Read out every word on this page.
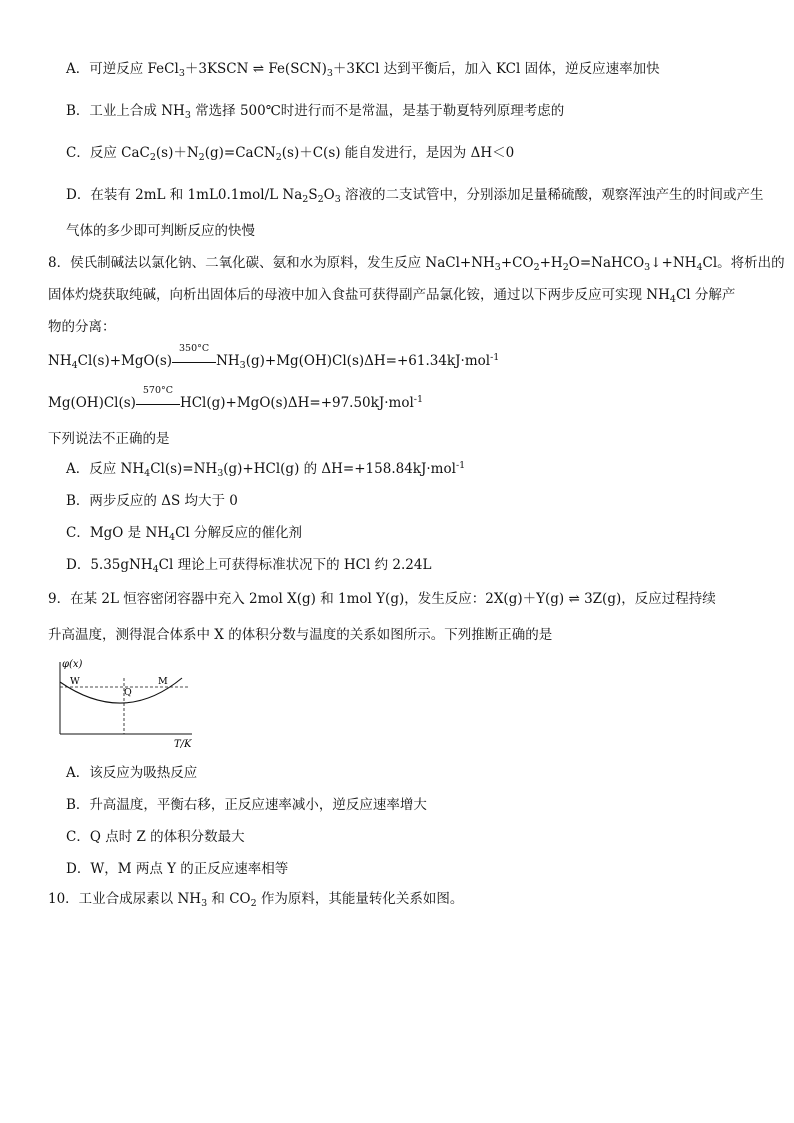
A．可逆反应 FeCl$_3$＋3KSCN ⇌ $Fe(SCN)_3+3KCl$ 达到平衡后，加入 KCl 固体，逆反应速率加快
B．工业上合成 $NH_3$ 常选择 500℃时进行而不是常温，是基于勒夏特列原理考虑的
C．反应 $CaC_2(s)+N_2(g)=CaCN_2(s)+C(s)$ 能自发进行，是因为 ΔH＜0
D．在装有 2mL 和 1mL0.1mol/L $Na_2S_2O_3$ 溶液的二支试管中，分别添加足量稀硫酸，观察浑浊产生的时间或产生
气体的多少即可判断反应的快慢
8．侯氏制碱法以氯化钠、二氧化碳、氨和水为原料，发生反应 $NaCl+NH_3+CO_2+H_2O=NaHCO_3↓+NH_4Cl$。将析出的
固体灼烧获取纯碱，向析出固体后的母液中加入食盐可获得副产品氯化铵，通过以下两步反应可实现 $NH_4Cl$ 分解产
物的分离：
$NH_4Cl(s)+MgO(s)$
350°C
$NH_3(g)+Mg(OH)Cl(s)\Delta H=+61.34kJ\cdot mol^{-1}$
Mg(OH)Cl(s)
570°C
HCl(g)+MgO(s)ΔH=+97.50kJ·mol$^{-1}$
下列说法不正确的是
A．反应 $NH_4Cl(s)=NH_3(g)+HCl(g)$ 的 ΔH=+158.84kJ·mol$^{-1}$
B．两步反应的 ΔS 均大于 0
C．MgO 是 $NH_4Cl$ 分解反应的催化剂
D．5.35gNH$_4$Cl 理论上可获得标准状况下的 HCl 约 2.24L
9．在某 2L 恒容密闭容器中充入 2mol X(g) 和 1mol Y(g)，发生反应：2X(g)＋Y(g) ⇌ 3Z(g)，反应过程持续
升高温度，测得混合体系中 X 的体积分数与温度的关系如图所示。下列推断正确的是
φ(x)
W
Q
M
T/K
A．该反应为吸热反应
B．升高温度，平衡右移，正反应速率减小，逆反应速率增大
C．Q 点时 Z 的体积分数最大
D．W，M 两点 Y 的正反应速率相等
10．工业合成尿素以 $NH_3$ 和 $CO_2$ 作为原料，其能量转化关系如图。
